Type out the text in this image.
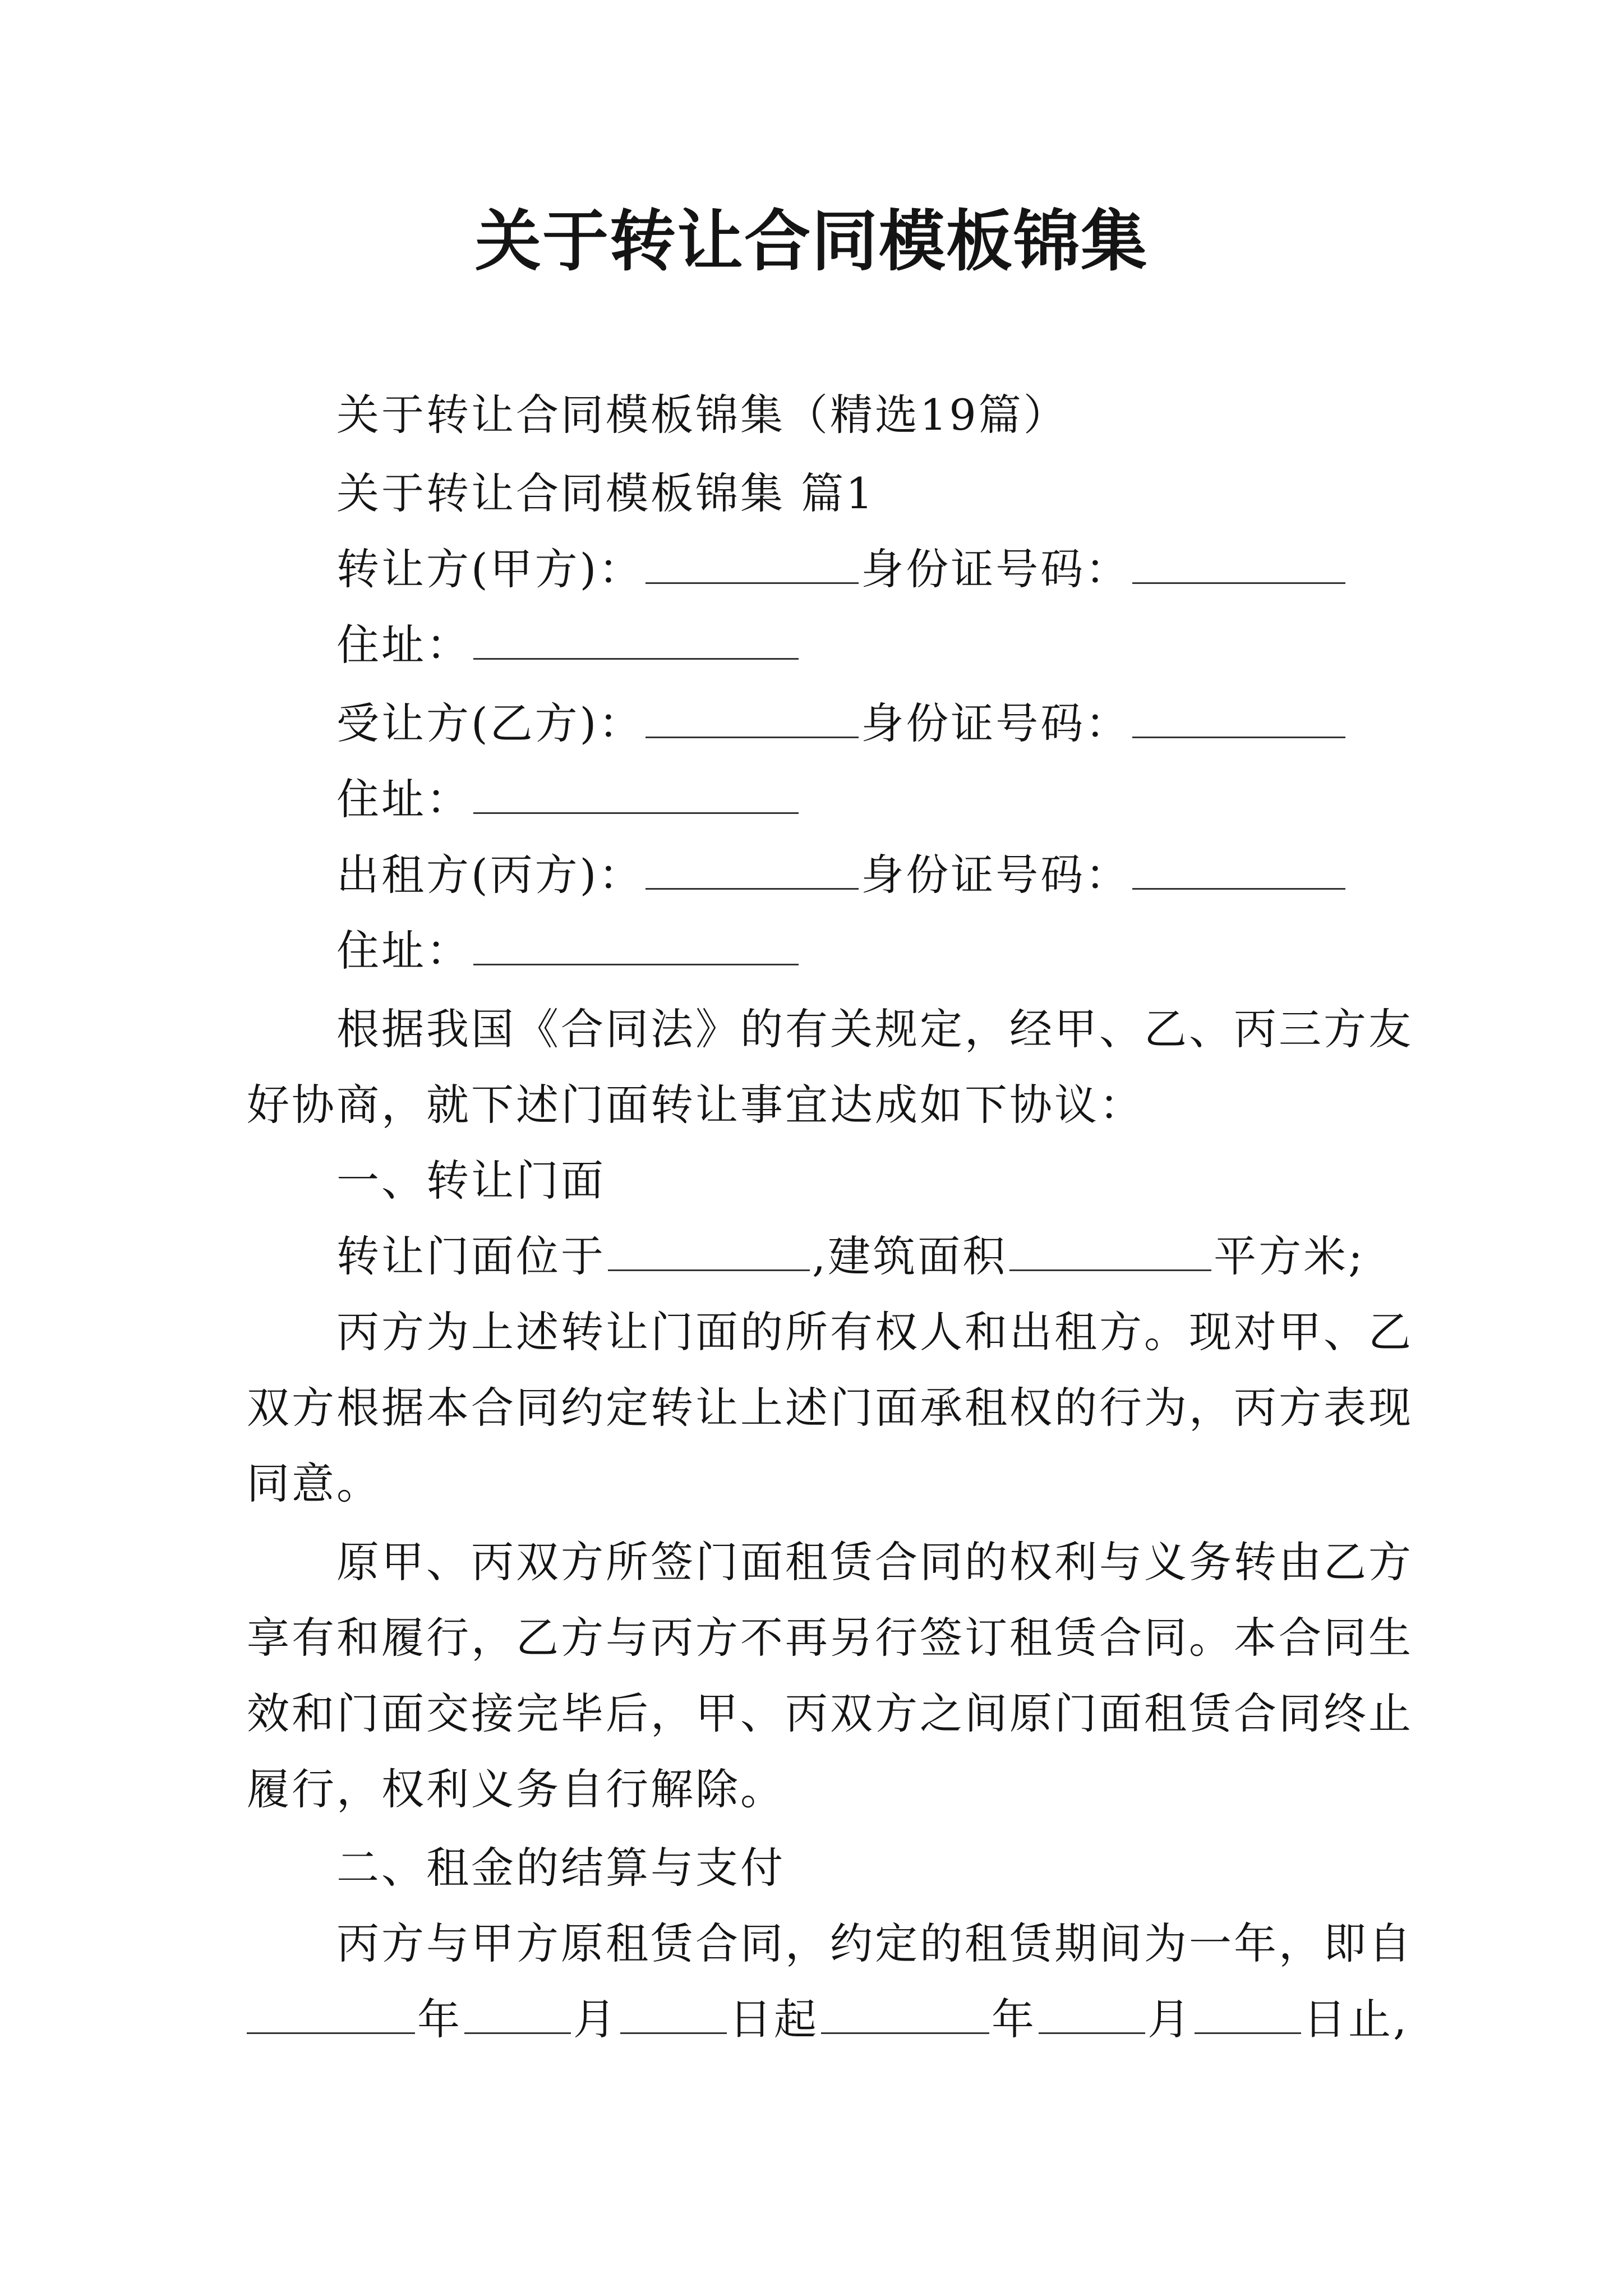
关于转让合同模板锦集
关于转让合同模板锦集（精选19篇）
关于转让合同模板锦集 篇1
转让方(甲方)：	身份证号码：
住址：
受让方(乙方)：	身份证号码：
住址：
出租方(丙方)：	身份证号码：
住址：
根据我国《合同法》的有关规定，经甲、乙、丙三方友
好协商，就下述门面转让事宜达成如下协议：
一、转让门面
转让门面位于	,建筑面积	平方米;
丙方为上述转让门面的所有权人和出租方。现对甲、乙
双方根据本合同约定转让上述门面承租权的行为，丙方表现
同意。
原甲、丙双方所签门面租赁合同的权利与义务转由乙方
享有和履行，乙方与丙方不再另行签订租赁合同。本合同生
效和门面交接完毕后，甲、丙双方之间原门面租赁合同终止
履行，权利义务自行解除。
二、租金的结算与支付
丙方与甲方原租赁合同，约定的租赁期间为一年，即自
年	月	日起	年	月	日止,
